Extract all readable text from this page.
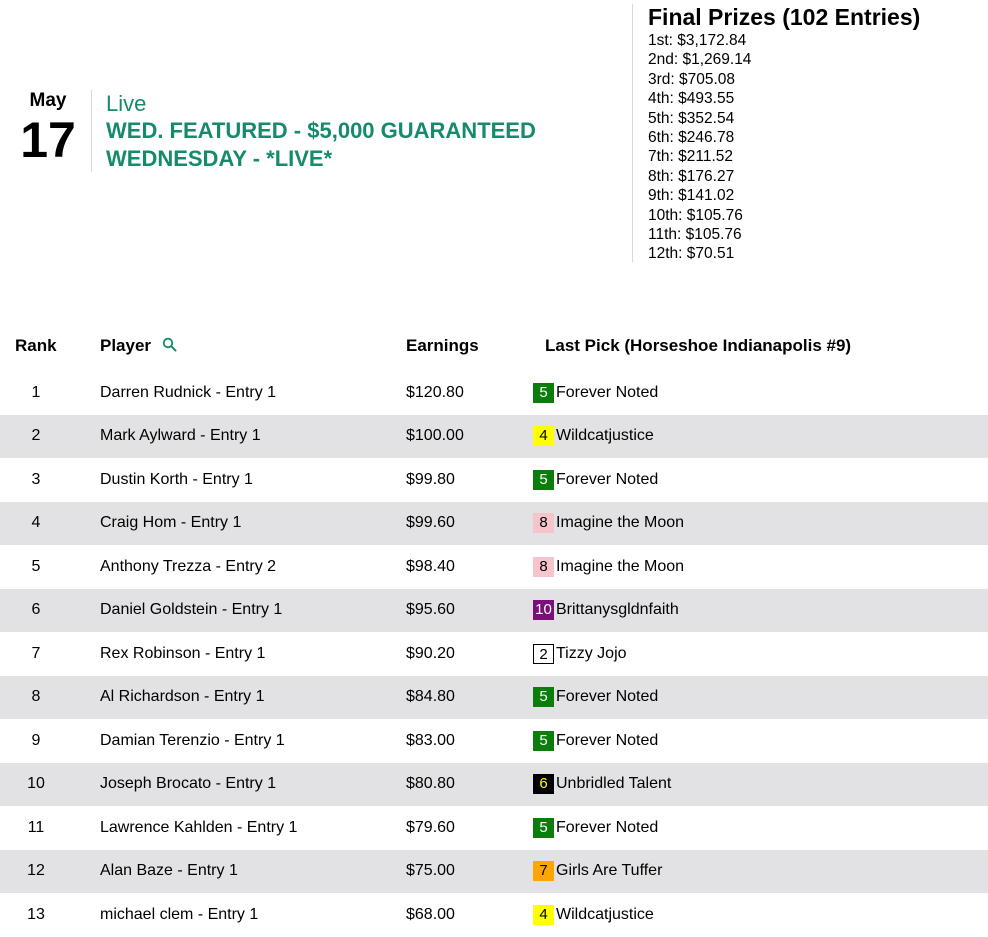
May
17
Live
WED. FEATURED - $5,000 GUARANTEED
WEDNESDAY - *LIVE*
Final Prizes (102 Entries)
1st: $3,172.84
2nd: $1,269.14
3rd: $705.08
4th: $493.55
5th: $352.54
6th: $246.78
7th: $211.52
8th: $176.27
9th: $141.02
10th: $105.76
11th: $105.76
12th: $70.51
Rank	Player	Earnings	Last Pick (Horseshoe Indianapolis #9)
1	Darren Rudnick - Entry 1	$120.80	5 Forever Noted
2	Mark Aylward - Entry 1	$100.00	4 Wildcatjustice
3	Dustin Korth - Entry 1	$99.80	5 Forever Noted
4	Craig Hom - Entry 1	$99.60	8 Imagine the Moon
5	Anthony Trezza - Entry 2	$98.40	8 Imagine the Moon
6	Daniel Goldstein - Entry 1	$95.60	10 Brittanysgldnfaith
7	Rex Robinson - Entry 1	$90.20	2 Tizzy Jojo
8	Al Richardson - Entry 1	$84.80	5 Forever Noted
9	Damian Terenzio - Entry 1	$83.00	5 Forever Noted
10	Joseph Brocato - Entry 1	$80.80	6 Unbridled Talent
11	Lawrence Kahlden - Entry 1	$79.60	5 Forever Noted
12	Alan Baze - Entry 1	$75.00	7 Girls Are Tuffer
13	michael clem - Entry 1	$68.00	4 Wildcatjustice
